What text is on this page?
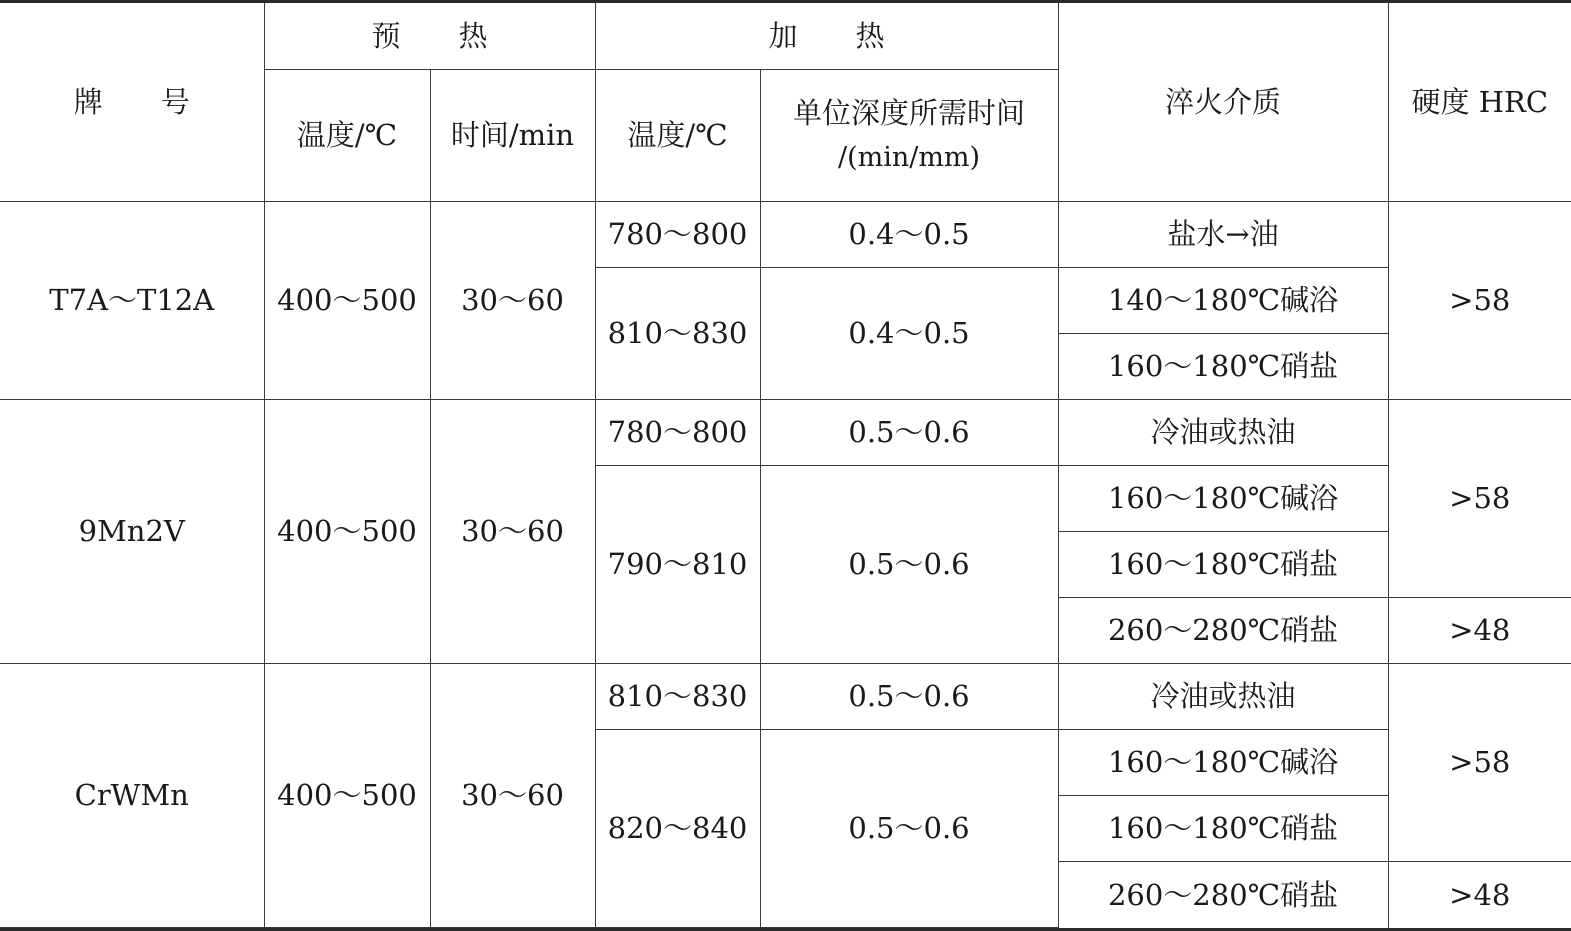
牌　　号	预　　热		加　　热		淬火介质	硬度 HRC
	温度/℃	时间/min	温度/℃	单位深度所需时间
/(min/mm)		

T7A～T12A	400～500	30～60	780～800	0.4～0.5	盐水→油	>58
			810～830	0.4～0.5	140～180℃碱浴	
					160～180℃硝盐	
9Mn2V	400～500	30～60	780～800	0.5～0.6	冷油或热油	>58
			790～810	0.5～0.6	160～180℃碱浴	
					160～180℃硝盐	
					260～280℃硝盐	>48
CrWMn	400～500	30～60	810～830	0.5～0.6	冷油或热油	>58
			820～840	0.5～0.6	160～180℃碱浴	
					160～180℃硝盐	
					260～280℃硝盐	>48
